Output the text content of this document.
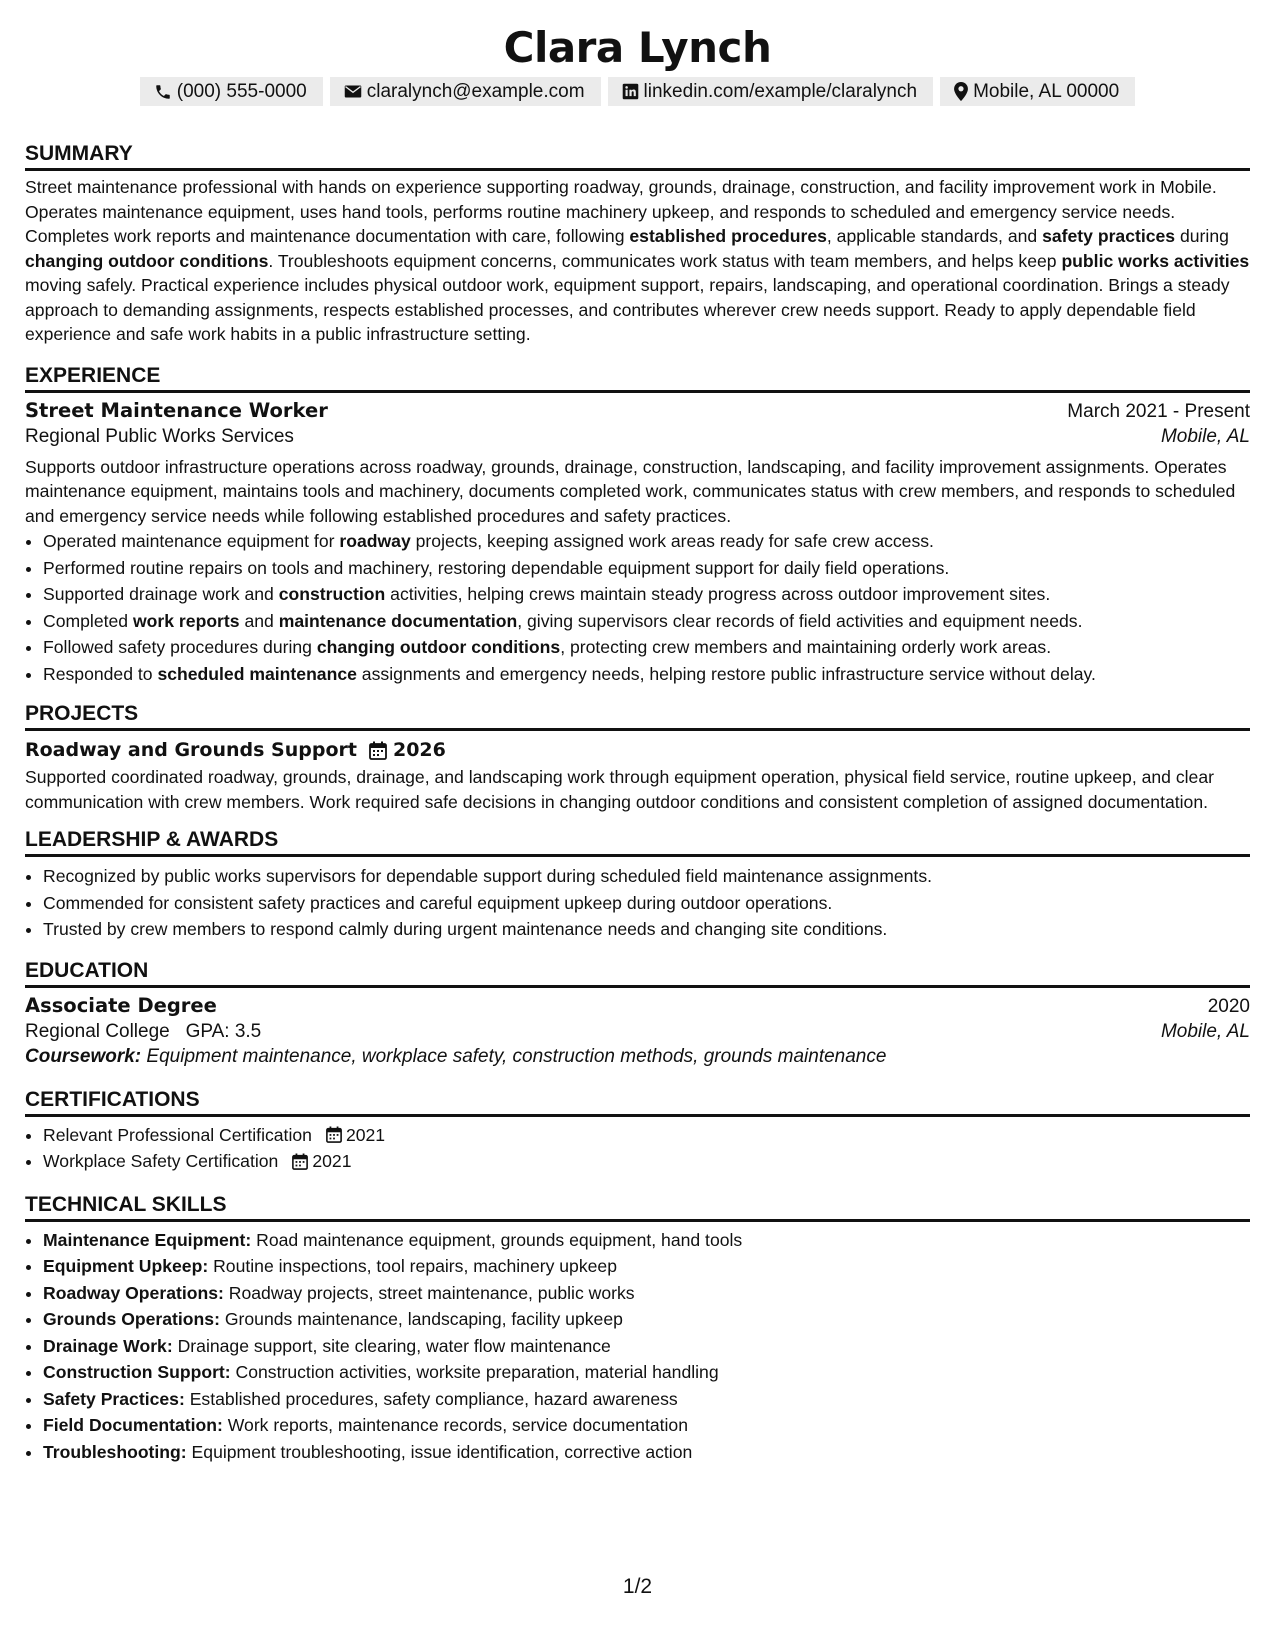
Clara Lynch
(000) 555-0000	claralynch@example.com	linkedin.com/example/claralynch	Mobile, AL 00000
SUMMARY

Street maintenance professional with hands on experience supporting roadway, grounds, drainage, construction, and facility improvement work in Mobile. Operates maintenance equipment, uses hand tools, performs routine machinery upkeep, and responds to scheduled and emergency service needs. Completes work reports and maintenance documentation with care, following established procedures, applicable standards, and safety practices during changing outdoor conditions. Troubleshoots equipment concerns, communicates work status with team members, and helps keep public works activities moving safely. Practical experience includes physical outdoor work, equipment support, repairs, landscaping, and operational coordination. Brings a steady approach to demanding assignments, respects established processes, and contributes wherever crew needs support. Ready to apply dependable field experience and safe work habits in a public infrastructure setting.

EXPERIENCE
Street Maintenance Worker	March 2021 - Present
Regional Public Works Services	Mobile, AL

Supports outdoor infrastructure operations across roadway, grounds, drainage, construction, landscaping, and facility improvement assignments. Operates maintenance equipment, maintains tools and machinery, documents completed work, communicates status with crew members, and responds to scheduled and emergency service needs while following established procedures and safety practices.

• Operated maintenance equipment for roadway projects, keeping assigned work areas ready for safe crew access.
• Performed routine repairs on tools and machinery, restoring dependable equipment support for daily field operations.
• Supported drainage work and construction activities, helping crews maintain steady progress across outdoor improvement sites.
• Completed work reports and maintenance documentation, giving supervisors clear records of field activities and equipment needs.
• Followed safety procedures during changing outdoor conditions, protecting crew members and maintaining orderly work areas.
• Responded to scheduled maintenance assignments and emergency needs, helping restore public infrastructure service without delay.
PROJECTS
Roadway and Grounds Support 2026

Supported coordinated roadway, grounds, drainage, and landscaping work through equipment operation, physical field service, routine upkeep, and clear communication with crew members. Work required safe decisions in changing outdoor conditions and consistent completion of assigned documentation.

LEADERSHIP & AWARDS
• Recognized by public works supervisors for dependable support during scheduled field maintenance assignments.
• Commended for consistent safety practices and careful equipment upkeep during outdoor operations.
• Trusted by crew members to respond calmly during urgent maintenance needs and changing site conditions.
EDUCATION
Associate Degree	2020
Regional College GPA: 3.5	Mobile, AL
Coursework: Equipment maintenance, workplace safety, construction methods, grounds maintenance
CERTIFICATIONS
• Relevant Professional Certification 2021
• Workplace Safety Certification 2021
TECHNICAL SKILLS
• Maintenance Equipment: Road maintenance equipment, grounds equipment, hand tools
• Equipment Upkeep: Routine inspections, tool repairs, machinery upkeep
• Roadway Operations: Roadway projects, street maintenance, public works
• Grounds Operations: Grounds maintenance, landscaping, facility upkeep
• Drainage Work: Drainage support, site clearing, water flow maintenance
• Construction Support: Construction activities, worksite preparation, material handling
• Safety Practices: Established procedures, safety compliance, hazard awareness
• Field Documentation: Work reports, maintenance records, service documentation
• Troubleshooting: Equipment troubleshooting, issue identification, corrective action
1/2
